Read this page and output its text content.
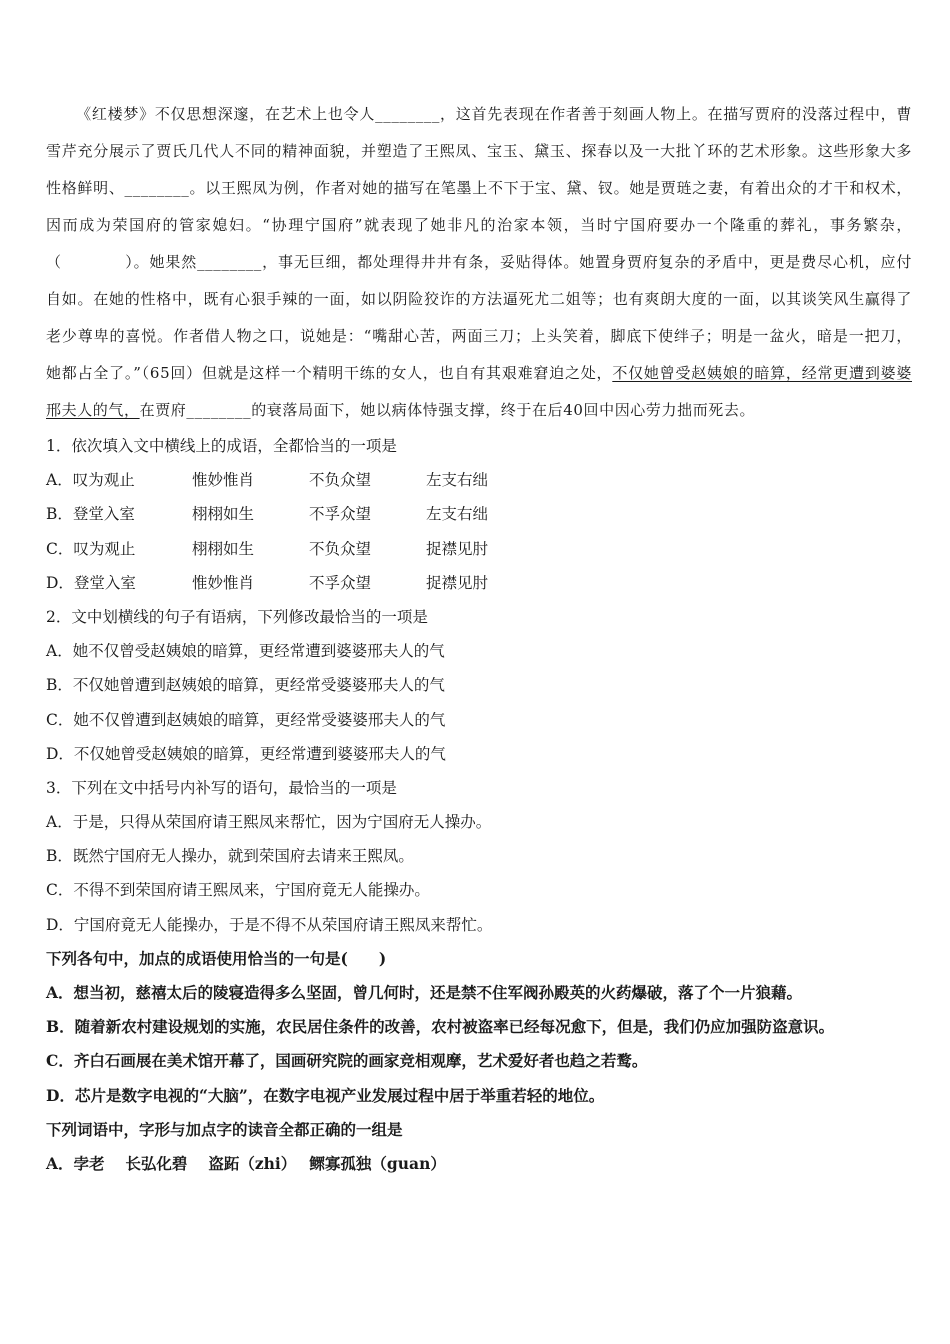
《红楼梦》不仅思想深邃，在艺术上也令人________，这首先表现在作者善于刻画人物上。在描写贾府的没落过程中，曹雪芹充分展示了贾氏几代人不同的精神面貌，并塑造了王熙凤、宝玉、黛玉、探春以及一大批丫环的艺术形象。这些形象大多性格鲜明、________。以王熙凤为例，作者对她的描写在笔墨上不下于宝、黛、钗。她是贾琏之妻，有着出众的才干和权术，因而成为荣国府的管家媳妇。“协理宁国府”就表现了她非凡的治家本领，当时宁国府要办一个隆重的葬礼，事务繁杂，（　　　　）。她果然________，事无巨细，都处理得井井有条，妥贴得体。她置身贾府复杂的矛盾中，更是费尽心机，应付自如。在她的性格中，既有心狠手辣的一面，如以阴险狡诈的方法逼死尤二姐等；也有爽朗大度的一面，以其谈笑风生赢得了老少尊卑的喜悦。作者借人物之口，说她是：“嘴甜心苦，两面三刀；上头笑着，脚底下使绊子；明是一盆火，暗是一把刀，她都占全了。”（65回）但就是这样一个精明干练的女人，也自有其艰难窘迫之处，不仅她曾受赵姨娘的暗算，经常更遭到婆婆邢夫人的气，在贾府________的衰落局面下，她以病体恃强支撑，终于在后40回中因心劳力拙而死去。
1．依次填入文中横线上的成语，全都恰当的一项是
A．叹为观止	惟妙惟肖	不负众望	左支右绌
B．登堂入室	栩栩如生	不孚众望	左支右绌
C．叹为观止	栩栩如生	不负众望	捉襟见肘
D．登堂入室	惟妙惟肖	不孚众望	捉襟见肘
2．文中划横线的句子有语病，下列修改最恰当的一项是
A．她不仅曾受赵姨娘的暗算，更经常遭到婆婆邢夫人的气
B．不仅她曾遭到赵姨娘的暗算，更经常受婆婆邢夫人的气
C．她不仅曾遭到赵姨娘的暗算，更经常受婆婆邢夫人的气
D．不仅她曾受赵姨娘的暗算，更经常遭到婆婆邢夫人的气
3．下列在文中括号内补写的语句，最恰当的一项是
A．于是，只得从荣国府请王熙凤来帮忙，因为宁国府无人操办。
B．既然宁国府无人操办，就到荣国府去请来王熙凤。
C．不得不到荣国府请王熙凤来，宁国府竟无人能操办。
D．宁国府竟无人能操办，于是不得不从荣国府请王熙凤来帮忙。
下列各句中，加点的成语使用恰当的一句是(　　)
A．想当初，慈禧太后的陵寝造得多么坚固，曾几何时，还是禁不住军阀孙殿英的火药爆破，落了个一片狼藉。
B．随着新农村建设规划的实施，农民居住条件的改善，农村被盗率已经每况愈下，但是，我们仍应加强防盗意识。
C．齐白石画展在美术馆开幕了，国画研究院的画家竞相观摩，艺术爱好者也趋之若鹜。
D．芯片是数字电视的“大脑”，在数字电视产业发展过程中居于举重若轻的地位。
下列词语中，字形与加点字的读音全都正确的一组是
A．孛老　 长弘化碧　 盗跖（zhi）　 鳏寡孤独（guan）
